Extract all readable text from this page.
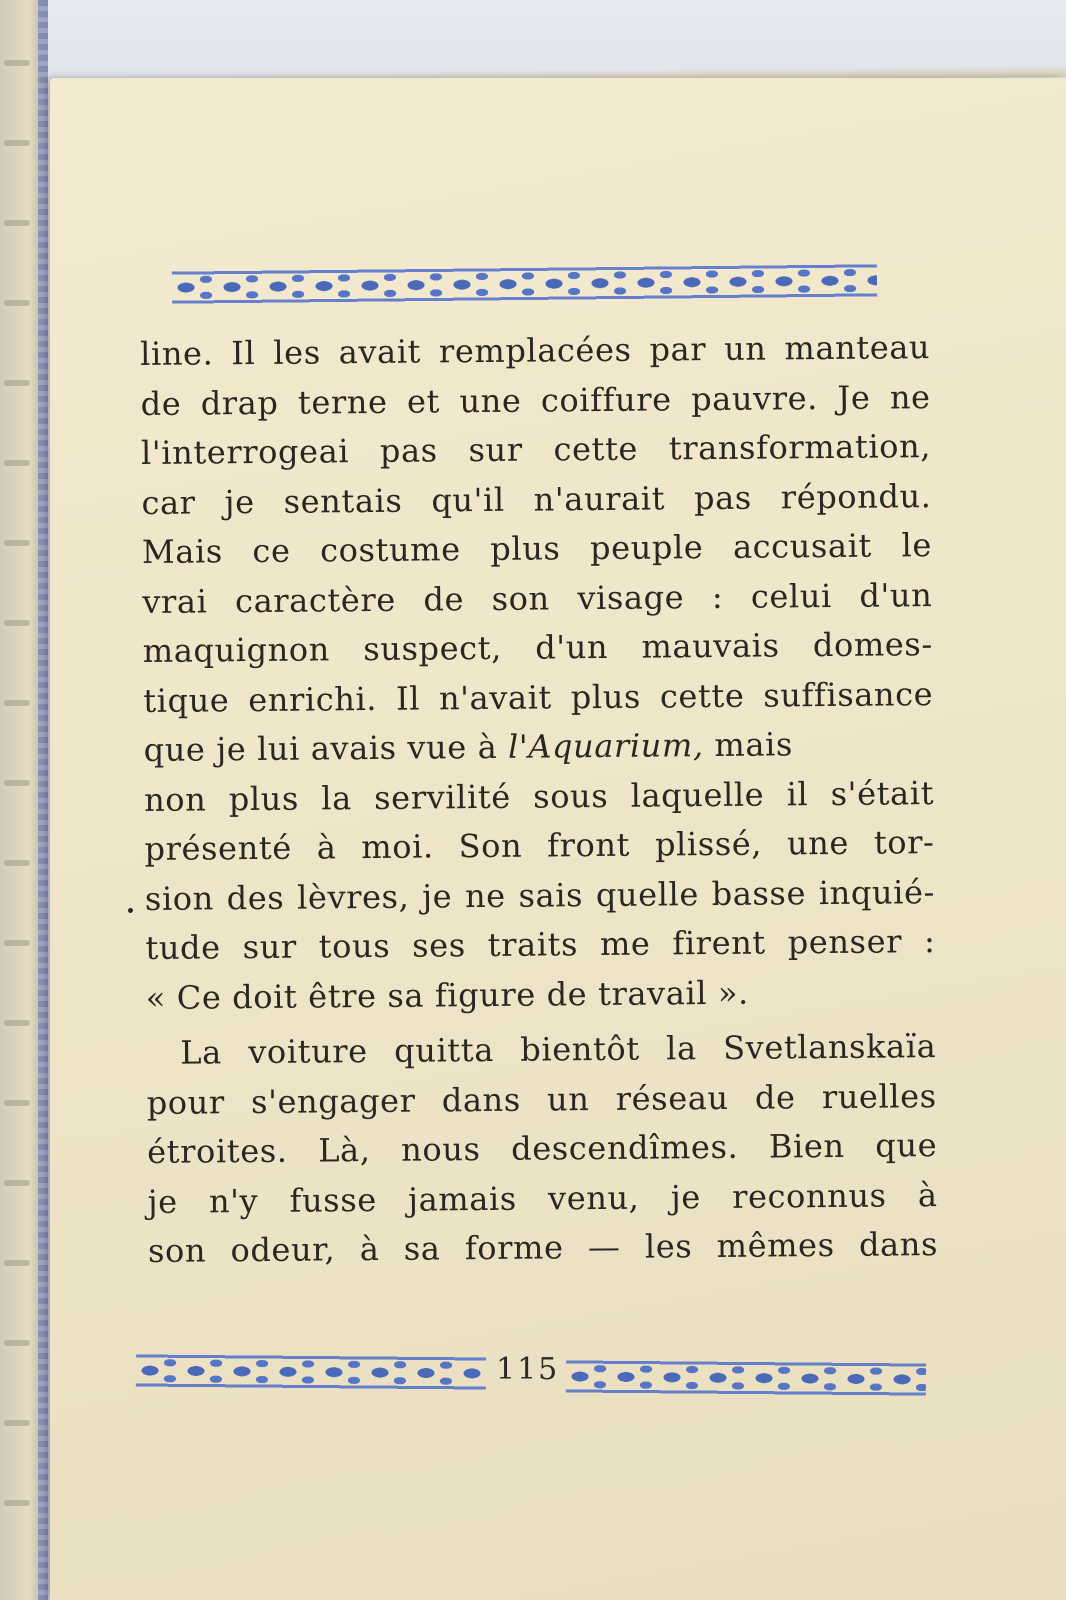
line. Il les avait remplacées par un manteau
de drap terne et une coiffure pauvre. Je ne
l'interrogeai pas sur cette transformation,
car je sentais qu'il n'aurait pas répondu.
Mais ce costume plus peuple accusait le
vrai caractère de son visage : celui d'un
maquignon suspect, d'un mauvais domes-
tique enrichi. Il n'avait plus cette suffisance
que je lui avais vue à l'Aquarium, mais
non plus la servilité sous laquelle il s'était
présenté à moi. Son front plissé, une tor-
sion des lèvres, je ne sais quelle basse inquié-
tude sur tous ses traits me firent penser :
« Ce doit être sa figure de travail ».
La voiture quitta bientôt la Svetlanskaïa
pour s'engager dans un réseau de ruelles
étroites. Là, nous descendîmes. Bien que
je n'y fusse jamais venu, je reconnus à
son odeur, à sa forme — les mêmes dans
115
